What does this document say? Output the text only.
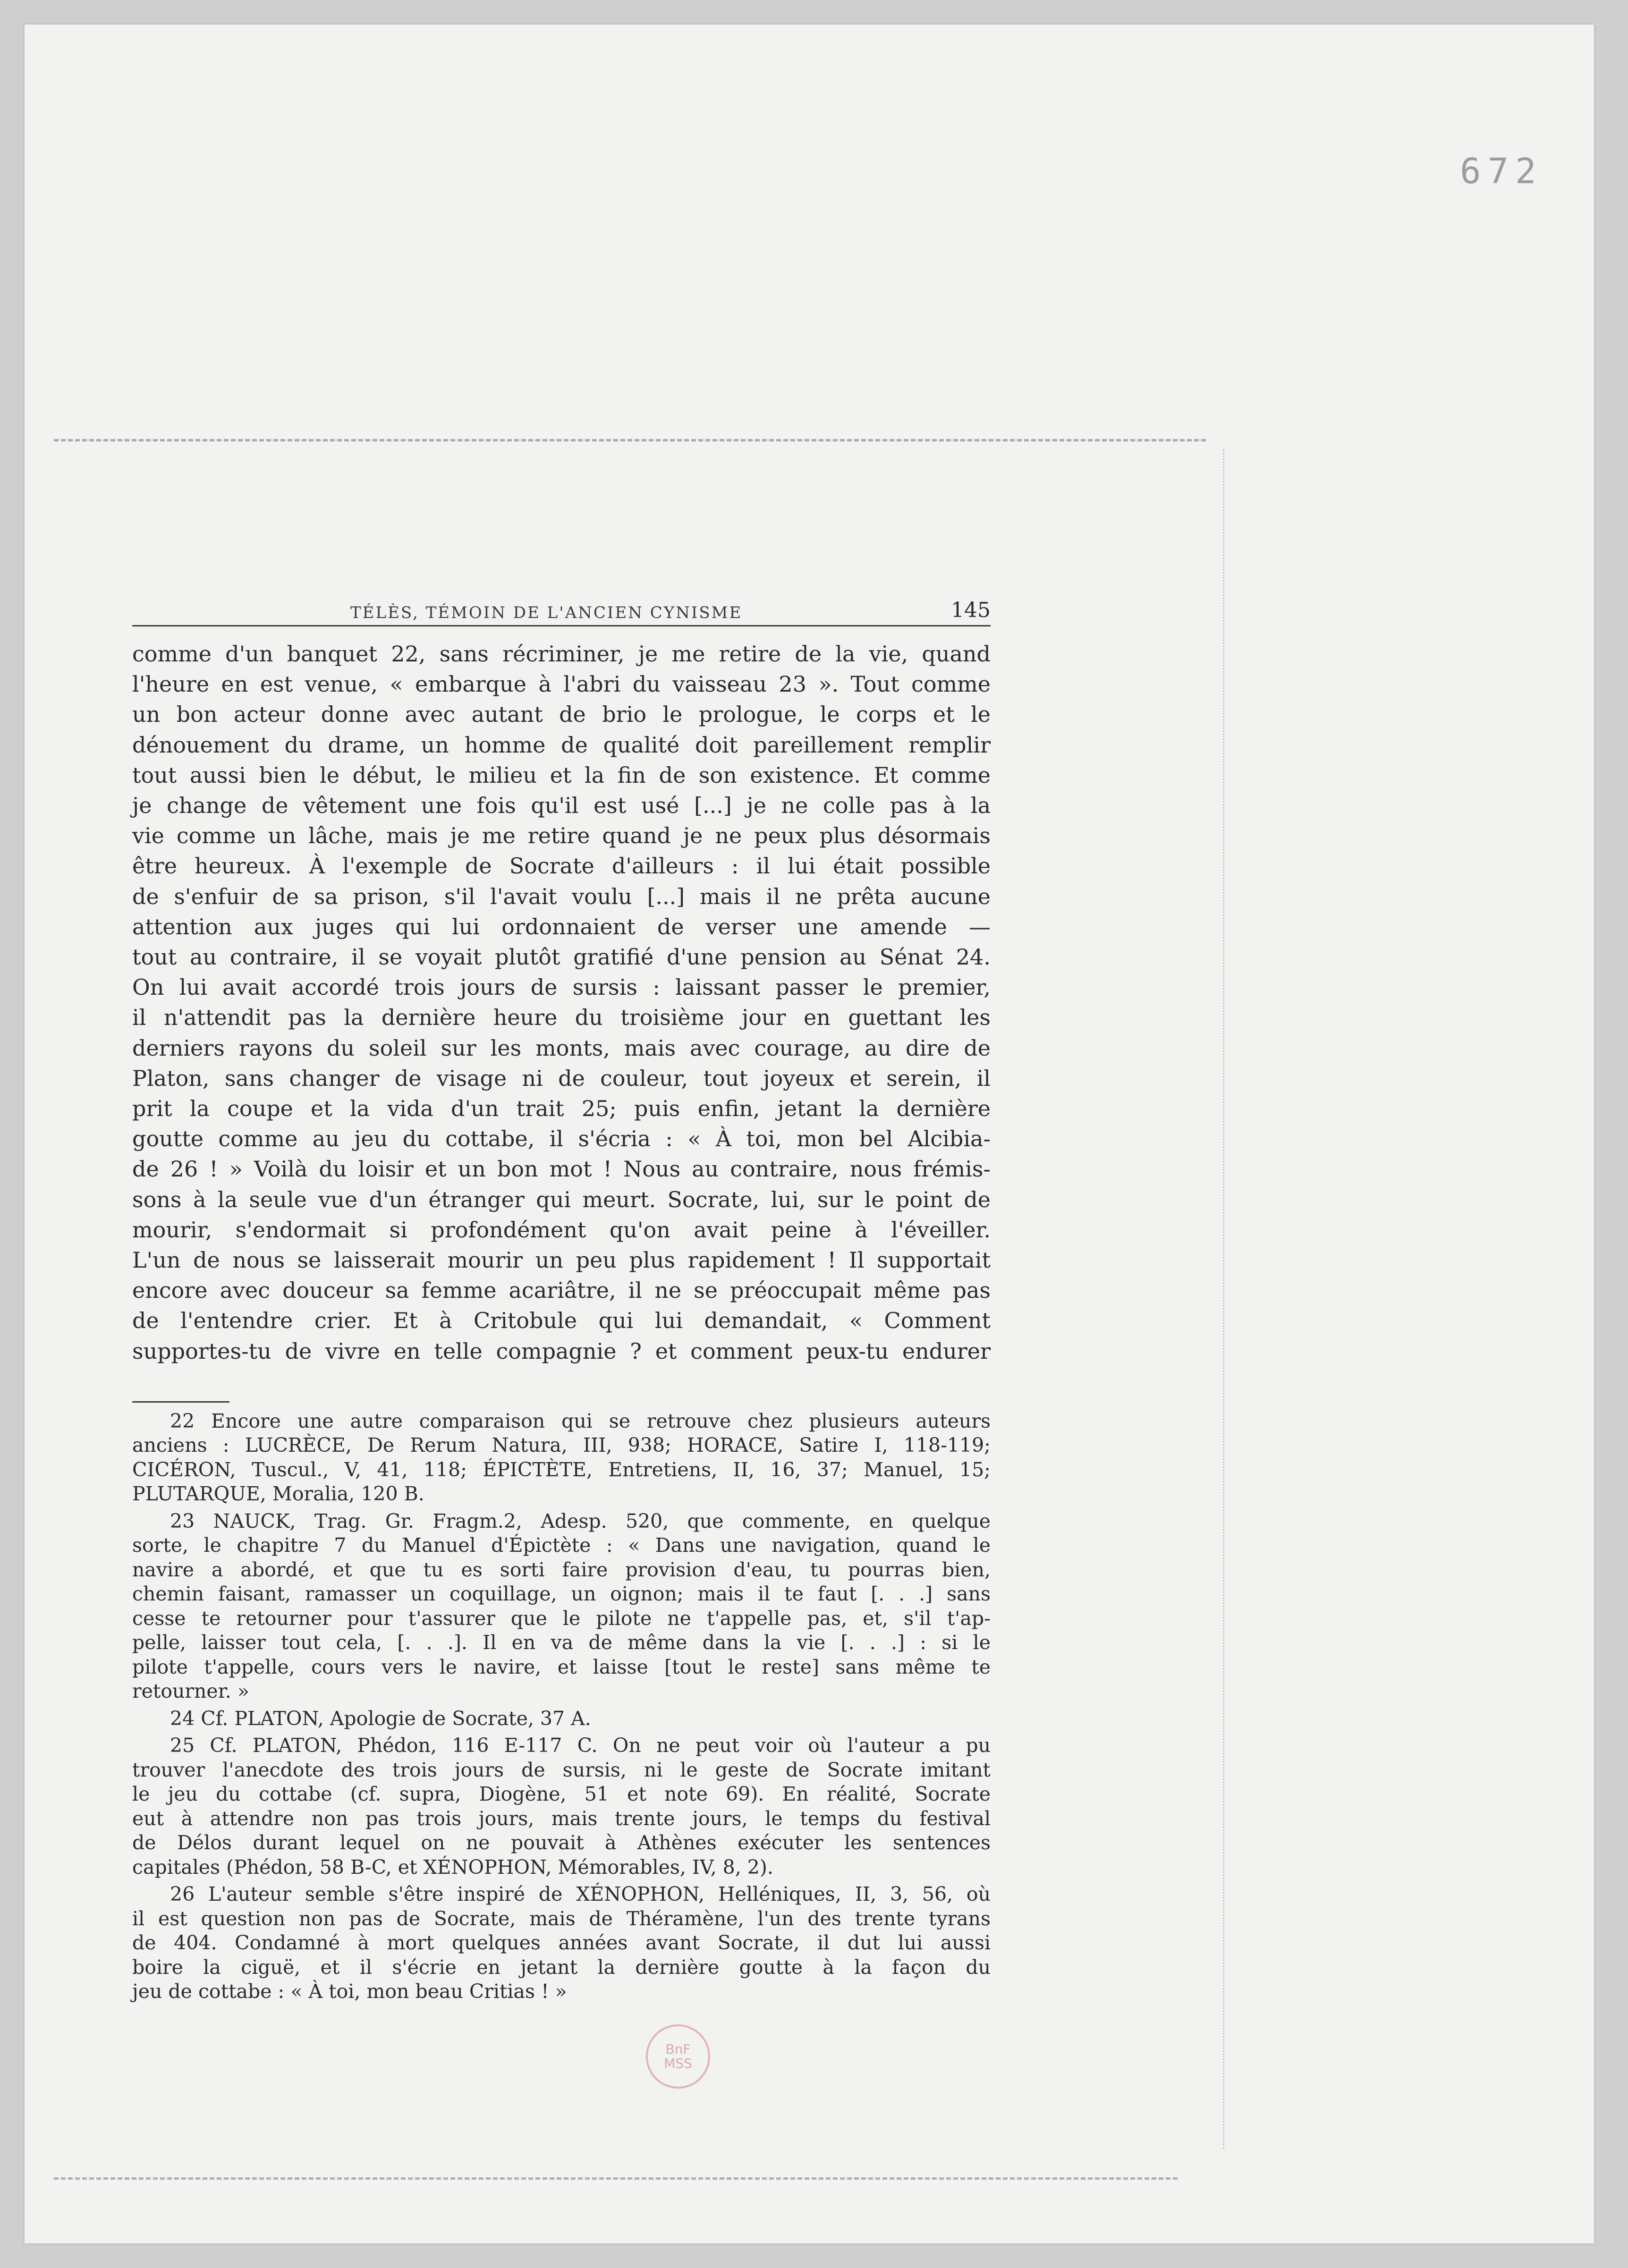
672
TÉLÈS, TÉMOIN DE L'ANCIEN CYNISME	145
comme d'un banquet 22, sans récriminer, je me retire de la vie, quand
l'heure en est venue, « embarque à l'abri du vaisseau 23 ». Tout comme
un bon acteur donne avec autant de brio le prologue, le corps et le
dénouement du drame, un homme de qualité doit pareillement remplir
tout aussi bien le début, le milieu et la fin de son existence. Et comme
je change de vêtement une fois qu'il est usé [...] je ne colle pas à la
vie comme un lâche, mais je me retire quand je ne peux plus désormais
être heureux. À l'exemple de Socrate d'ailleurs : il lui était possible
de s'enfuir de sa prison, s'il l'avait voulu [...] mais il ne prêta aucune
attention aux juges qui lui ordonnaient de verser une amende —
tout au contraire, il se voyait plutôt gratifié d'une pension au Sénat 24.
On lui avait accordé trois jours de sursis : laissant passer le premier,
il n'attendit pas la dernière heure du troisième jour en guettant les
derniers rayons du soleil sur les monts, mais avec courage, au dire de
Platon, sans changer de visage ni de couleur, tout joyeux et serein, il
prit la coupe et la vida d'un trait 25; puis enfin, jetant la dernière
goutte comme au jeu du cottabe, il s'écria : « À toi, mon bel Alcibia-
de 26 ! » Voilà du loisir et un bon mot ! Nous au contraire, nous frémis-
sons à la seule vue d'un étranger qui meurt. Socrate, lui, sur le point de
mourir, s'endormait si profondément qu'on avait peine à l'éveiller.
L'un de nous se laisserait mourir un peu plus rapidement ! Il supportait
encore avec douceur sa femme acariâtre, il ne se préoccupait même pas
de l'entendre crier. Et à Critobule qui lui demandait, « Comment
supportes-tu de vivre en telle compagnie ? et comment peux-tu endurer
22 Encore une autre comparaison qui se retrouve chez plusieurs auteurs
anciens : LUCRÈCE, De Rerum Natura, III, 938; HORACE, Satire I, 118-119;
CICÉRON, Tuscul., V, 41, 118; ÉPICTÈTE, Entretiens, II, 16, 37; Manuel, 15;
PLUTARQUE, Moralia, 120 B.
23 NAUCK, Trag. Gr. Fragm.2, Adesp. 520, que commente, en quelque
sorte, le chapitre 7 du Manuel d'Épictète : « Dans une navigation, quand le
navire a abordé, et que tu es sorti faire provision d'eau, tu pourras bien,
chemin faisant, ramasser un coquillage, un oignon; mais il te faut [. . .] sans
cesse te retourner pour t'assurer que le pilote ne t'appelle pas, et, s'il t'ap-
pelle, laisser tout cela, [. . .]. Il en va de même dans la vie [. . .] : si le
pilote t'appelle, cours vers le navire, et laisse [tout le reste] sans même te
retourner. »
24 Cf. PLATON, Apologie de Socrate, 37 A.
25 Cf. PLATON, Phédon, 116 E-117 C. On ne peut voir où l'auteur a pu
trouver l'anecdote des trois jours de sursis, ni le geste de Socrate imitant
le jeu du cottabe (cf. supra, Diogène, 51 et note 69). En réalité, Socrate
eut à attendre non pas trois jours, mais trente jours, le temps du festival
de Délos durant lequel on ne pouvait à Athènes exécuter les sentences
capitales (Phédon, 58 B-C, et XÉNOPHON, Mémorables, IV, 8, 2).
26 L'auteur semble s'être inspiré de XÉNOPHON, Helléniques, II, 3, 56, où
il est question non pas de Socrate, mais de Théramène, l'un des trente tyrans
de 404. Condamné à mort quelques années avant Socrate, il dut lui aussi
boire la ciguë, et il s'écrie en jetant la dernière goutte à la façon du
jeu de cottabe : « À toi, mon beau Critias ! »
BnF
MSS
